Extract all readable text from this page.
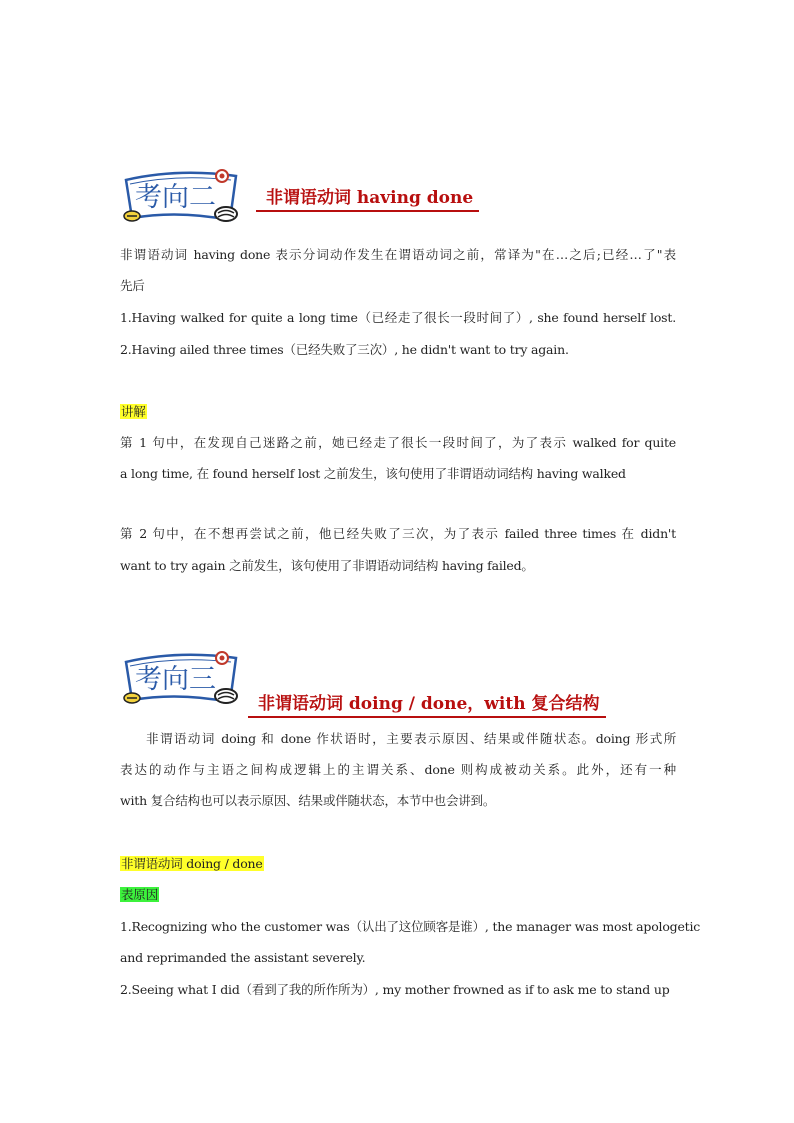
考向二	非谓语动词 having done
非谓语动词 having done 表示分词动作发生在谓语动词之前，常译为"在…之后;已经…了"表
先后
1.Having walked for quite a long time（已经走了很长一段时间了）, she found herself lost.
2.Having ailed three times（已经失败了三次）, he didn't want to try again.
讲解
第 1 句中，在发现自己迷路之前，她已经走了很长一段时间了，为了表示 walked for quite
a long time, 在 found herself lost 之前发生，该句使用了非谓语动词结构 having walked
第 2 句中，在不想再尝试之前，他已经失败了三次，为了表示 failed three times 在 didn't
want to try again 之前发生，该句使用了非谓语动词结构 having failed。
考向三
非谓语动词 doing / done，with 复合结构
非谓语动词 doing 和 done 作状语时，主要表示原因、结果或伴随状态。doing 形式所
表达的动作与主语之间构成逻辑上的主谓关系、done 则构成被动关系。此外，还有一种
with 复合结构也可以表示原因、结果或伴随状态，本节中也会讲到。
非谓语动词 doing / done
表原因
1.Recognizing who the customer was（认出了这位顾客是谁）, the manager was most apologetic
and reprimanded the assistant severely.
2.Seeing what I did（看到了我的所作所为）, my mother frowned as if to ask me to stand up
